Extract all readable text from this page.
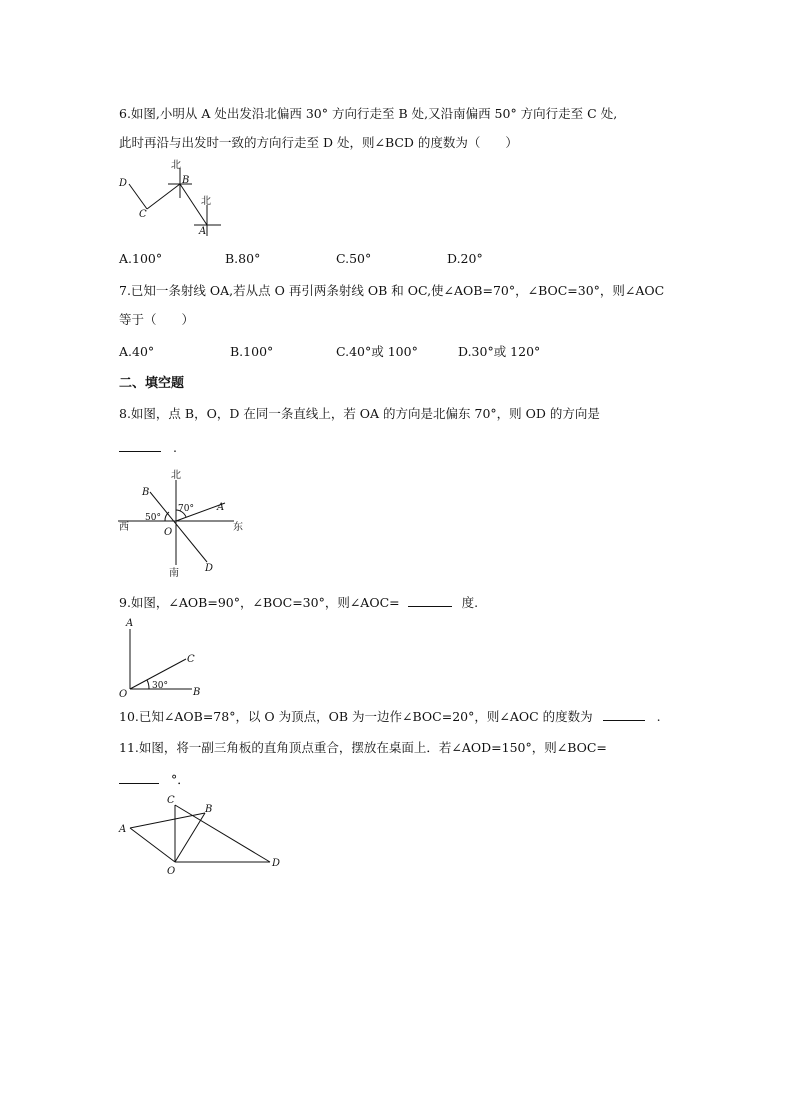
6.如图,小明从 A 处出发沿北偏西 30° 方向行走至 B 处,又沿南偏西 50° 方向行走至 C 处,
此时再沿与出发时一致的方向行走至 D 处，则∠BCD 的度数为（　　）
D
C
B
A
北
北
A.100°	B.80°	C.50°	D.20°
7.已知一条射线 OA,若从点 O 再引两条射线 OB 和 OC,使∠AOB=70°，∠BOC=30°，则∠AOC
等于（　　）
A.40°	B.100°	C.40°或 100°	D.30°或 120°
二、填空题
8.如图，点 B，O，D 在同一条直线上，若 OA 的方向是北偏东 70°，则 OD 的方向是
.
北
南
西	东
B
A
O
D
70°
50°
9.如图，∠AOB=90°，∠BOC=30°，则∠AOC=	度.
A
C
O	B
30°
10.已知∠AOB=78°，以 O 为顶点，OB 为一边作∠BOC=20°，则∠AOC 的度数为	.
11.如图，将一副三角板的直角顶点重合，摆放在桌面上．若∠AOD=150°，则∠BOC=
°．
C
B
A
O
D
